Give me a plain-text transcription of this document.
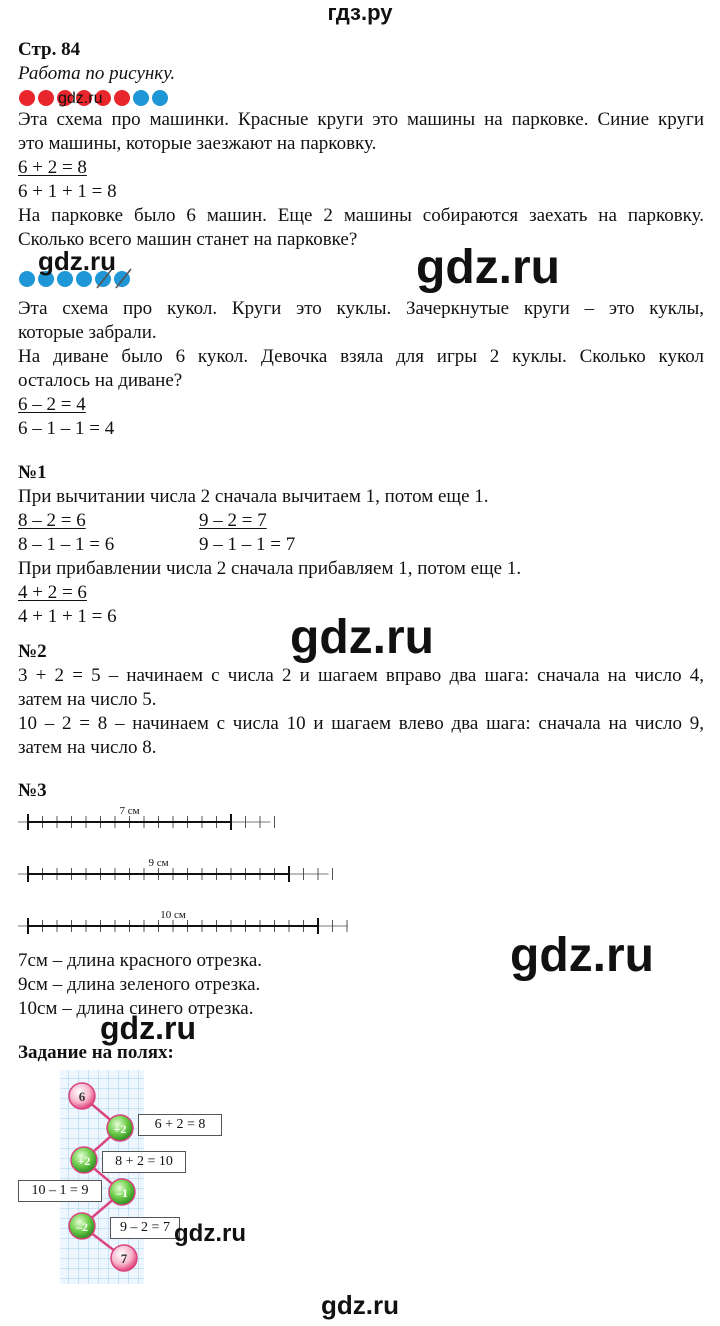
гдз.ру
Стр. 84
Работа по рисунку.
gdz.ru
Эта схема про машинки. Красные круги это машины на парковке. Синие круги
это машины, которые заезжают на парковку.
6 + 2 = 8
6 + 1 + 1 = 8
На парковке было 6 машин. Еще 2 машины собираются заехать на парковку.
Сколько всего машин станет на парковке?
gdz.ru	gdz.ru
Эта схема про кукол. Круги это куклы. Зачеркнутые круги – это куклы,
которые забрали.
На диване было 6 кукол. Девочка взяла для игры 2 куклы. Сколько кукол
осталось на диване?
6 – 2 = 4
6 – 1 – 1 = 4
№1
При вычитании числа 2 сначала вычитаем 1, потом еще 1.
8 – 2 = 6	9 – 2 = 7
8 – 1 – 1 = 6	9 – 1 – 1 = 7
При прибавлении числа 2 сначала прибавляем 1, потом еще 1.
4 + 2 = 6
4 + 1 + 1 = 6	gdz.ru
№2
3 + 2 = 5 – начинаем с числа 2 и шагаем вправо два шага: сначала на число 4,
затем на число 5.
10 – 2 = 8 – начинаем с числа 10 и шагаем влево два шага: сначала на число 9,
затем на число 8.
№3
7 см
9 см
10 см
gdz.ru
7см – длина красного отрезка.
9см – длина зеленого отрезка.
10см – длина синего отрезка.
gdz.ru
Задание на полях:
6
+2
+2
–1
–2
7
6 + 2 = 8
8 + 2 = 10
10 – 1 = 9
9 – 2 = 7 gdz.ru
gdz.ru
